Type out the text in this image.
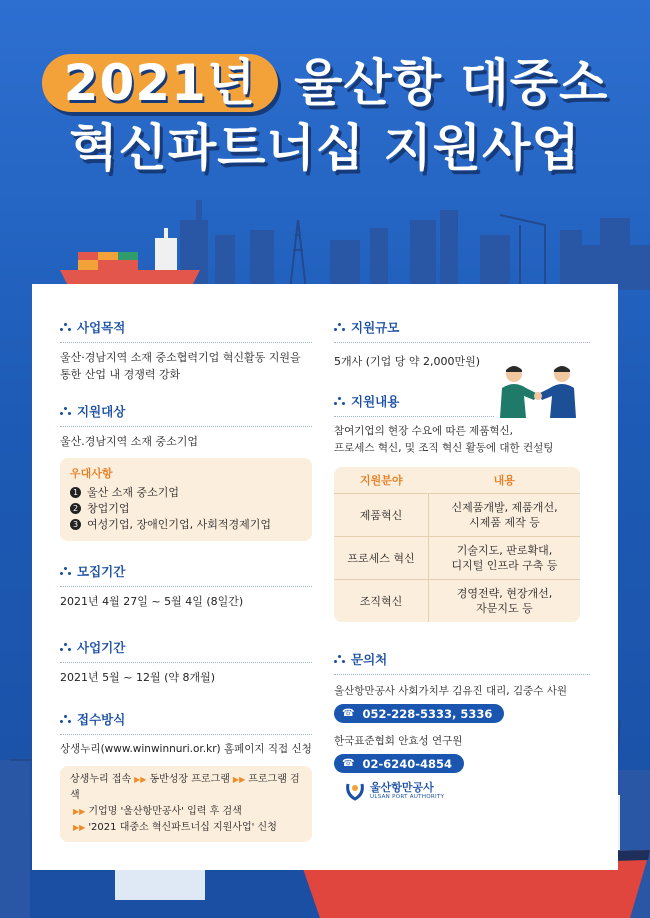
2021년 울산항 대중소
혁신파트너십 지원사업
사업목적
울산·경남지역 소재 중소협력기업 혁신활동 지원을
통한 산업 내 경쟁력 강화
지원대상
울산.경남지역 소재 중소기업
우대사항
1 울산 소재 중소기업
2 창업기업
3 여성기업, 장애인기업, 사회적경제기업
모집기간
2021년 4월 27일 ~ 5월 4일 (8일간)
사업기간
2021년 5월 ~ 12월 (약 8개월)
접수방식
상생누리(www.winwinnuri.or.kr) 홈페이지 직접 신청
상생누리 접속 ▶▶ 동반성장 프로그램 ▶▶ 프로그램 검색
▶▶ 기업명 '울산항만공사' 입력 후 검색
▶▶ '2021 대중소 혁신파트너십 지원사업' 신청
지원규모
5개사 (기업 당 약 2,000만원)
지원내용
참여기업의 현장 수요에 따른 제품혁신,
프로세스 혁신, 및 조직 혁신 활동에 대한 컨설팅
지원분야	내용
제품혁신	신제품개발, 제품개선,
시제품 제작 등

프로세스 혁신	기술지도, 판로확대,
디지털 인프라 구축 등

조직혁신	경영전략, 현장개선,
자문지도 등
문의처
울산항만공사 사회가치부 김유진 대리, 김중수 사원
☎ 052-228-5333, 5336
한국표준협회 안효성 연구원
☎ 02-6240-4854
울산항만공사
ULSAN PORT AUTHORITY
